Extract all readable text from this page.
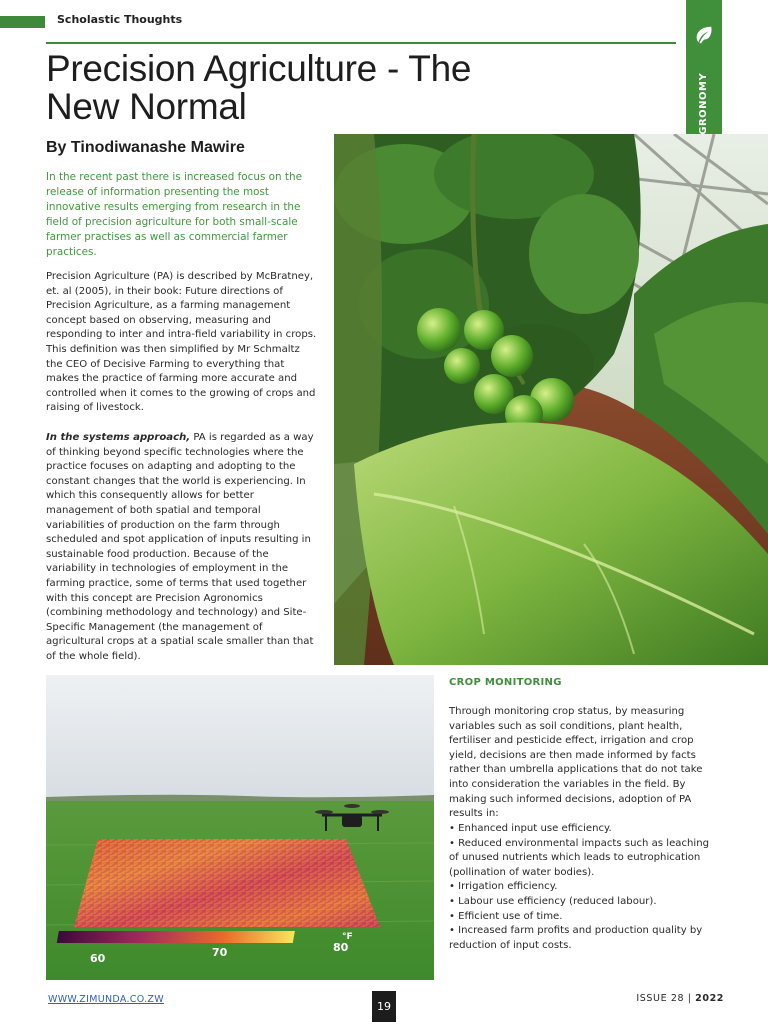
Scholastic Thoughts
Precision Agriculture - The New Normal
By Tinodiwanashe Mawire
In the recent past there is increased focus on the release of information presenting the most innovative results emerging from research in the field of precision agriculture for both small-scale farmer practises as well as commercial farmer practices.
Precision Agriculture (PA) is described by McBratney, et. al (2005), in their book: Future directions of Precision Agriculture, as a farming management concept based on observing, measuring and responding to inter and intra-field variability in crops. This definition was then simplified by Mr Schmaltz the CEO of Decisive Farming to everything that makes the practice of farming more accurate and controlled when it comes to the growing of crops and raising of livestock.
In the systems approach, PA is regarded as a way of thinking beyond specific technologies where the practice focuses on adapting and adopting to the constant changes that the world is experiencing. In which this consequently allows for better management of both spatial and temporal variabilities of production on the farm through scheduled and spot application of inputs resulting in sustainable food production. Because of the variability in technologies of employment in the farming practice, some of terms that used together with this concept are Precision Agronomics (combining methodology and technology) and Site-Specific Management (the management of agricultural crops at a spatial scale smaller than that of the whole field).
60	70	80
°F
CROP MONITORING
Through monitoring crop status, by measuring variables such as soil conditions, plant health, fertiliser and pesticide effect, irrigation and crop yield, decisions are then made informed by facts rather than umbrella applications that do not take into consideration the variables in the field. By making such informed decisions, adoption of PA results in:
• Enhanced input use efficiency.
• Reduced environmental impacts such as leaching of unused nutrients which leads to eutrophication (pollination of water bodies).
• Irrigation efficiency.
• Labour use efficiency (reduced labour).
• Efficient use of time.
• Increased farm profits and production quality by reduction of input costs.
WWW.ZIMUNDA.CO.ZW
19
ISSUE 28 | 2022
